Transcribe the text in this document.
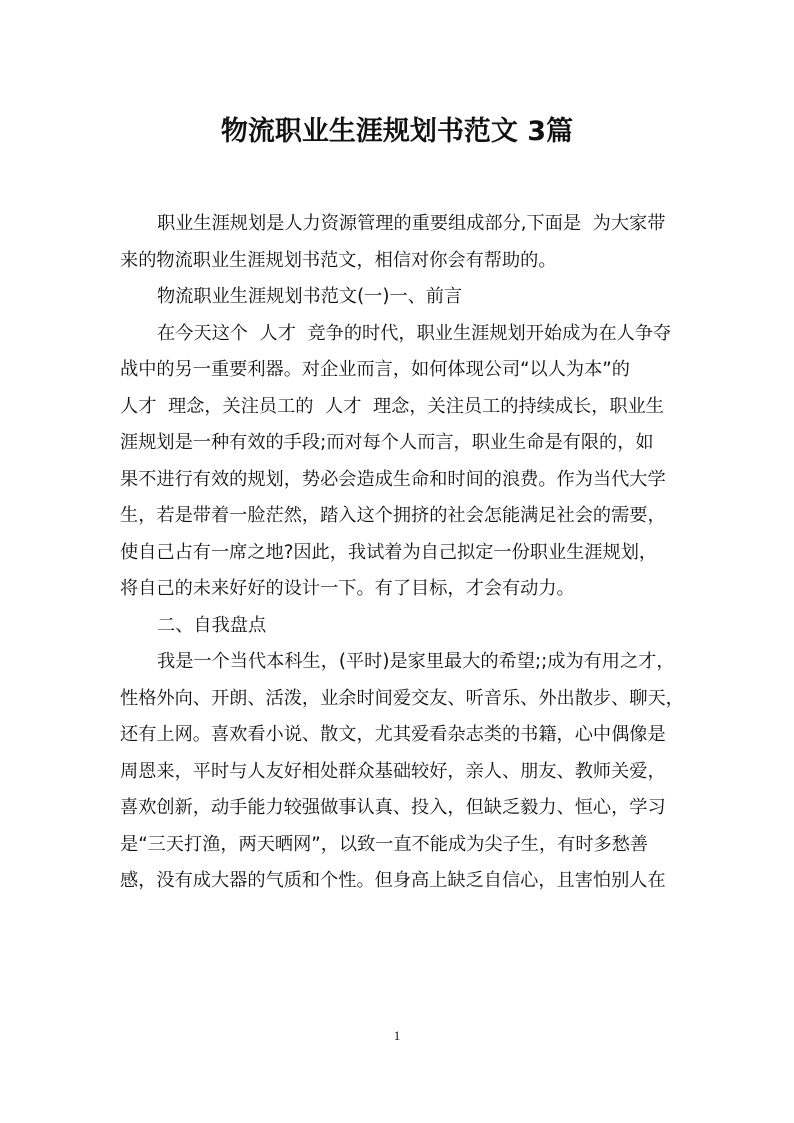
物流职业生涯规划书范文 3篇

职业生涯规划是人力资源管理的重要组成部分,下面是  为大家带

来的物流职业生涯规划书范文，相信对你会有帮助的。

物流职业生涯规划书范文(一)一、前言

在今天这个  人才  竞争的时代，职业生涯规划开始成为在人争夺

战中的另一重要利器。对企业而言，如何体现公司“以人为本”的

人才  理念，关注员工的  人才  理念，关注员工的持续成长，职业生

涯规划是一种有效的手段;而对每个人而言，职业生命是有限的，如

果不进行有效的规划，势必会造成生命和时间的浪费。作为当代大学

生，若是带着一脸茫然，踏入这个拥挤的社会怎能满足社会的需要，

使自己占有一席之地?因此，我试着为自己拟定一份职业生涯规划，

将自己的未来好好的设计一下。有了目标，才会有动力。

二、自我盘点

我是一个当代本科生，(平时)是家里最大的希望;;成为有用之才，

性格外向、开朗、活泼，业余时间爱交友、听音乐、外出散步、聊天，

还有上网。喜欢看小说、散文，尤其爱看杂志类的书籍，心中偶像是

周恩来，平时与人友好相处群众基础较好，亲人、朋友、教师关爱，

喜欢创新，动手能力较强做事认真、投入，但缺乏毅力、恒心，学习

是“三天打渔，两天晒网”，以致一直不能成为尖子生，有时多愁善

感，没有成大器的气质和个性。但身高上缺乏自信心，且害怕别人在

1
